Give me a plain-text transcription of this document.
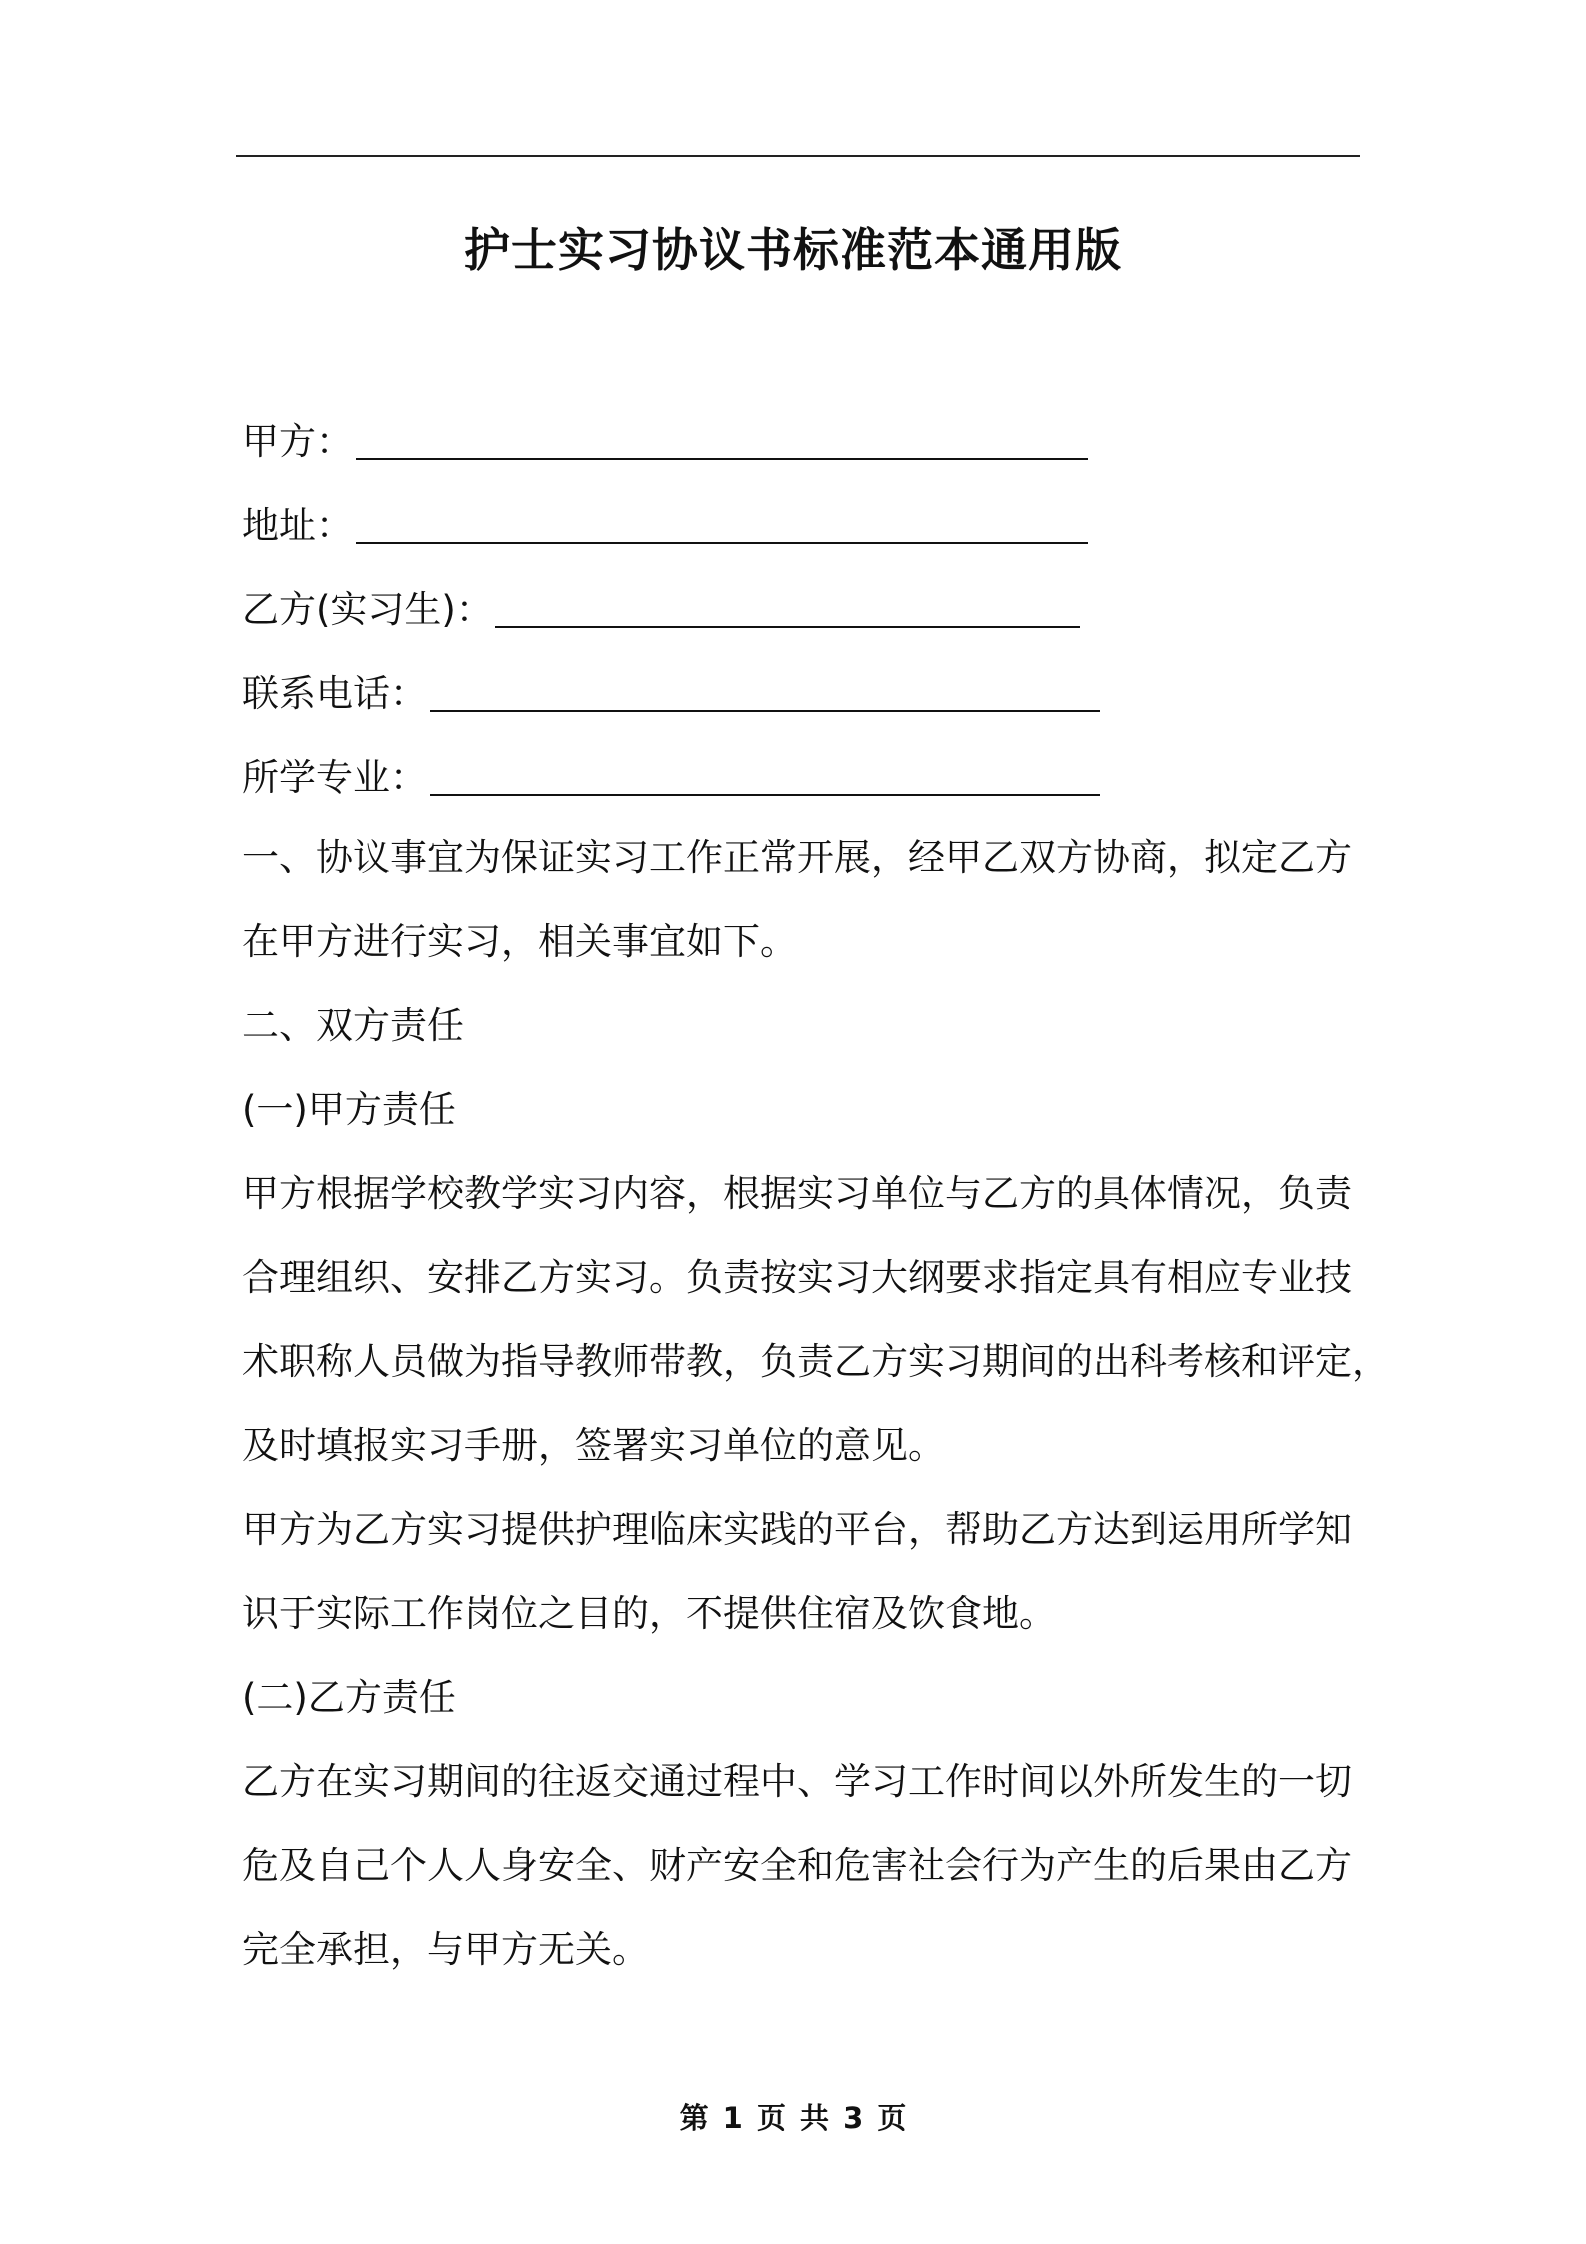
护士实习协议书标准范本通用版
甲方：
地址：
乙方(实习生)：
联系电话：
所学专业：
一、协议事宜为保证实习工作正常开展，经甲乙双方协商，拟定乙方
在甲方进行实习，相关事宜如下。
二、双方责任
(一)甲方责任
甲方根据学校教学实习内容，根据实习单位与乙方的具体情况，负责
合理组织、安排乙方实习。负责按实习大纲要求指定具有相应专业技
术职称人员做为指导教师带教，负责乙方实习期间的出科考核和评定，
及时填报实习手册，签署实习单位的意见。
甲方为乙方实习提供护理临床实践的平台，帮助乙方达到运用所学知
识于实际工作岗位之目的，不提供住宿及饮食地。
(二)乙方责任
乙方在实习期间的往返交通过程中、学习工作时间以外所发生的一切
危及自己个人人身安全、财产安全和危害社会行为产生的后果由乙方
完全承担，与甲方无关。
第 1 页 共 3 页
